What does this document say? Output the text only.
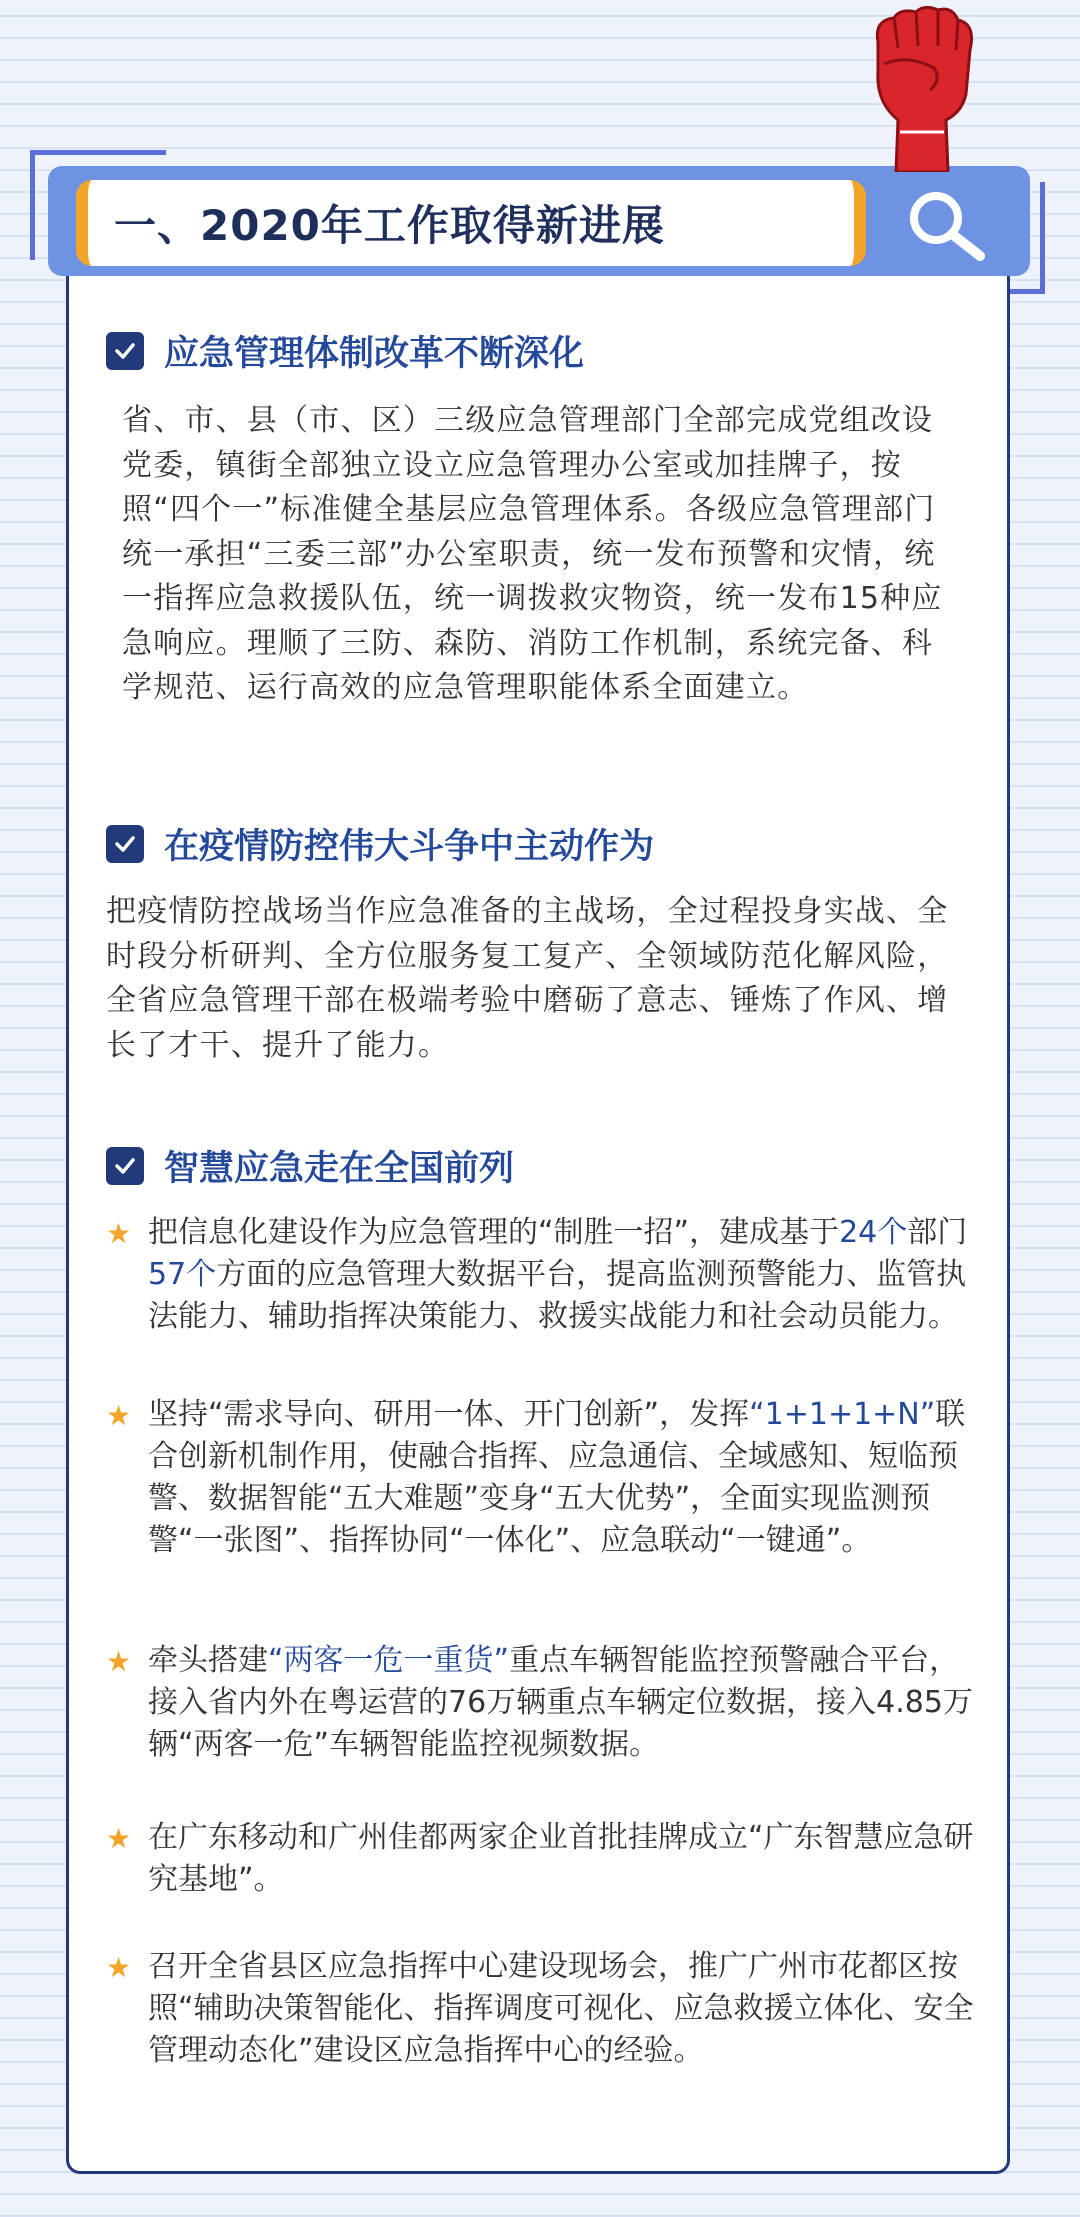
一、2020年工作取得新进展
应急管理体制改革不断深化
省、市、县（市、区）三级应急管理部门全部完成党组改设党委，镇街全部独立设立应急管理办公室或加挂牌子，按照“四个一”标准健全基层应急管理体系。各级应急管理部门统一承担“三委三部”办公室职责，统一发布预警和灾情，统一指挥应急救援队伍，统一调拨救灾物资，统一发布15种应急响应。理顺了三防、森防、消防工作机制，系统完备、科学规范、运行高效的应急管理职能体系全面建立。
在疫情防控伟大斗争中主动作为
把疫情防控战场当作应急准备的主战场，全过程投身实战、全时段分析研判、全方位服务复工复产、全领域防范化解风险，全省应急管理干部在极端考验中磨砺了意志、锤炼了作风、增长了才干、提升了能力。
智慧应急走在全国前列
★ 把信息化建设作为应急管理的“制胜一招”，建成基于24个部门57个方面的应急管理大数据平台，提高监测预警能力、监管执法能力、辅助指挥决策能力、救援实战能力和社会动员能力。
★ 坚持“需求导向、研用一体、开门创新”，发挥“1+1+1+N”联合创新机制作用，使融合指挥、应急通信、全域感知、短临预警、数据智能“五大难题”变身“五大优势”，全面实现监测预警“一张图”、指挥协同“一体化”、应急联动“一键通”。
★ 牵头搭建“两客一危一重货”重点车辆智能监控预警融合平台，接入省内外在粤运营的76万辆重点车辆定位数据，接入4.85万辆“两客一危”车辆智能监控视频数据。
★ 在广东移动和广州佳都两家企业首批挂牌成立“广东智慧应急研究基地”。
★ 召开全省县区应急指挥中心建设现场会，推广广州市花都区按照“辅助决策智能化、指挥调度可视化、应急救援立体化、安全管理动态化”建设区应急指挥中心的经验。
